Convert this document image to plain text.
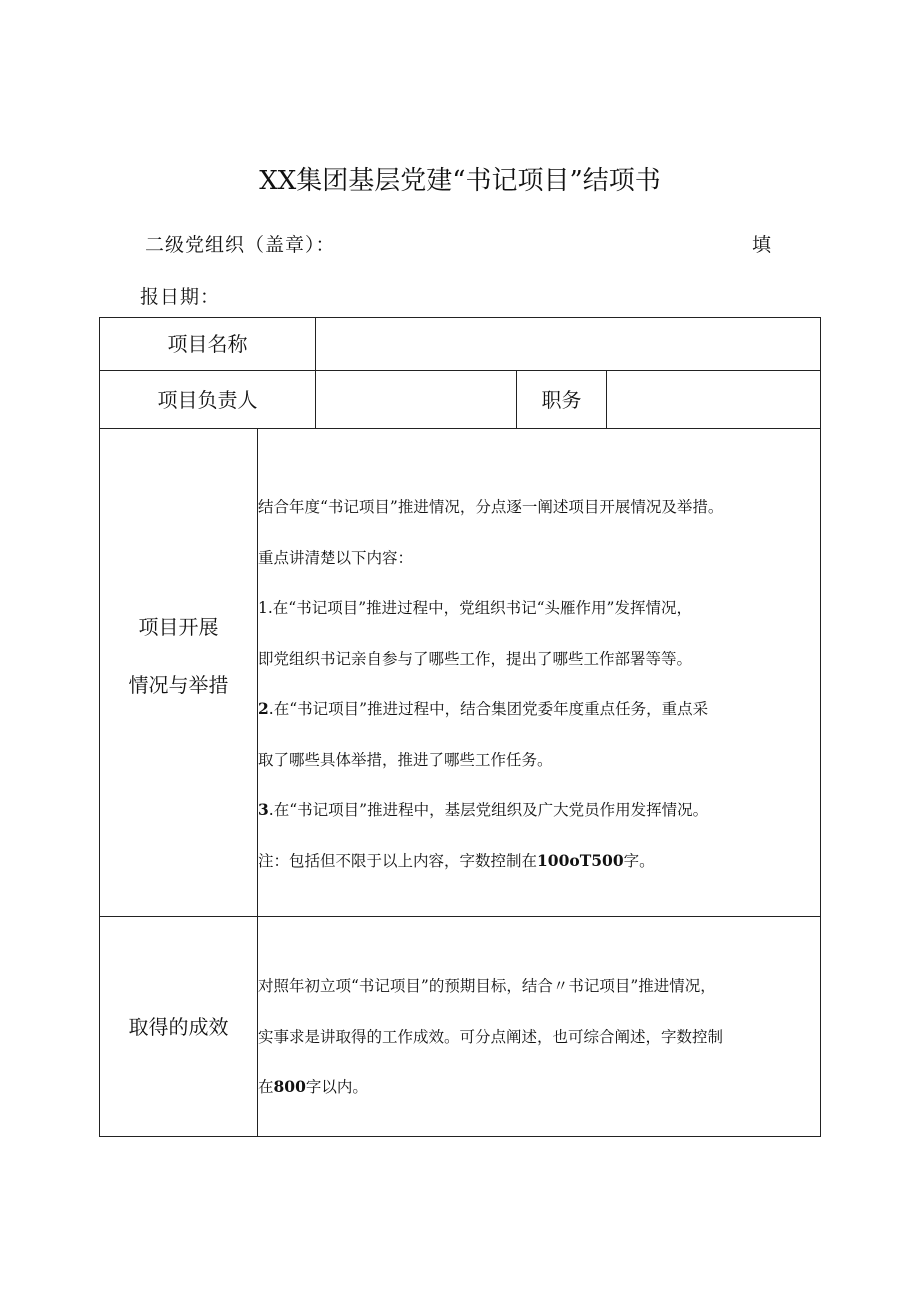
XX集团基层党建“书记项目”结项书
二级党组织（盖章）：	填
报日期：
项目名称
项目负责人	职务
项目开展
情况与举措

结合年度“书记项目”推进情况，分点逐一阐述项目开展情况及举措。

重点讲清楚以下内容：

1.在“书记项目”推进过程中，党组织书记“头雁作用”发挥情况，

即党组织书记亲自参与了哪些工作，提出了哪些工作部署等等。

2.在“书记项目”推进过程中，结合集团党委年度重点任务，重点采

取了哪些具体举措，推进了哪些工作任务。

3.在“书记项目”推进程中，基层党组织及广大党员作用发挥情况。

注：包括但不限于以上内容，字数控制在100oT500字。

取得的成效

对照年初立项“书记项目”的预期目标，结合〃书记项目”推进情况，

实事求是讲取得的工作成效。可分点阐述，也可综合阐述，字数控制

在800字以内。
